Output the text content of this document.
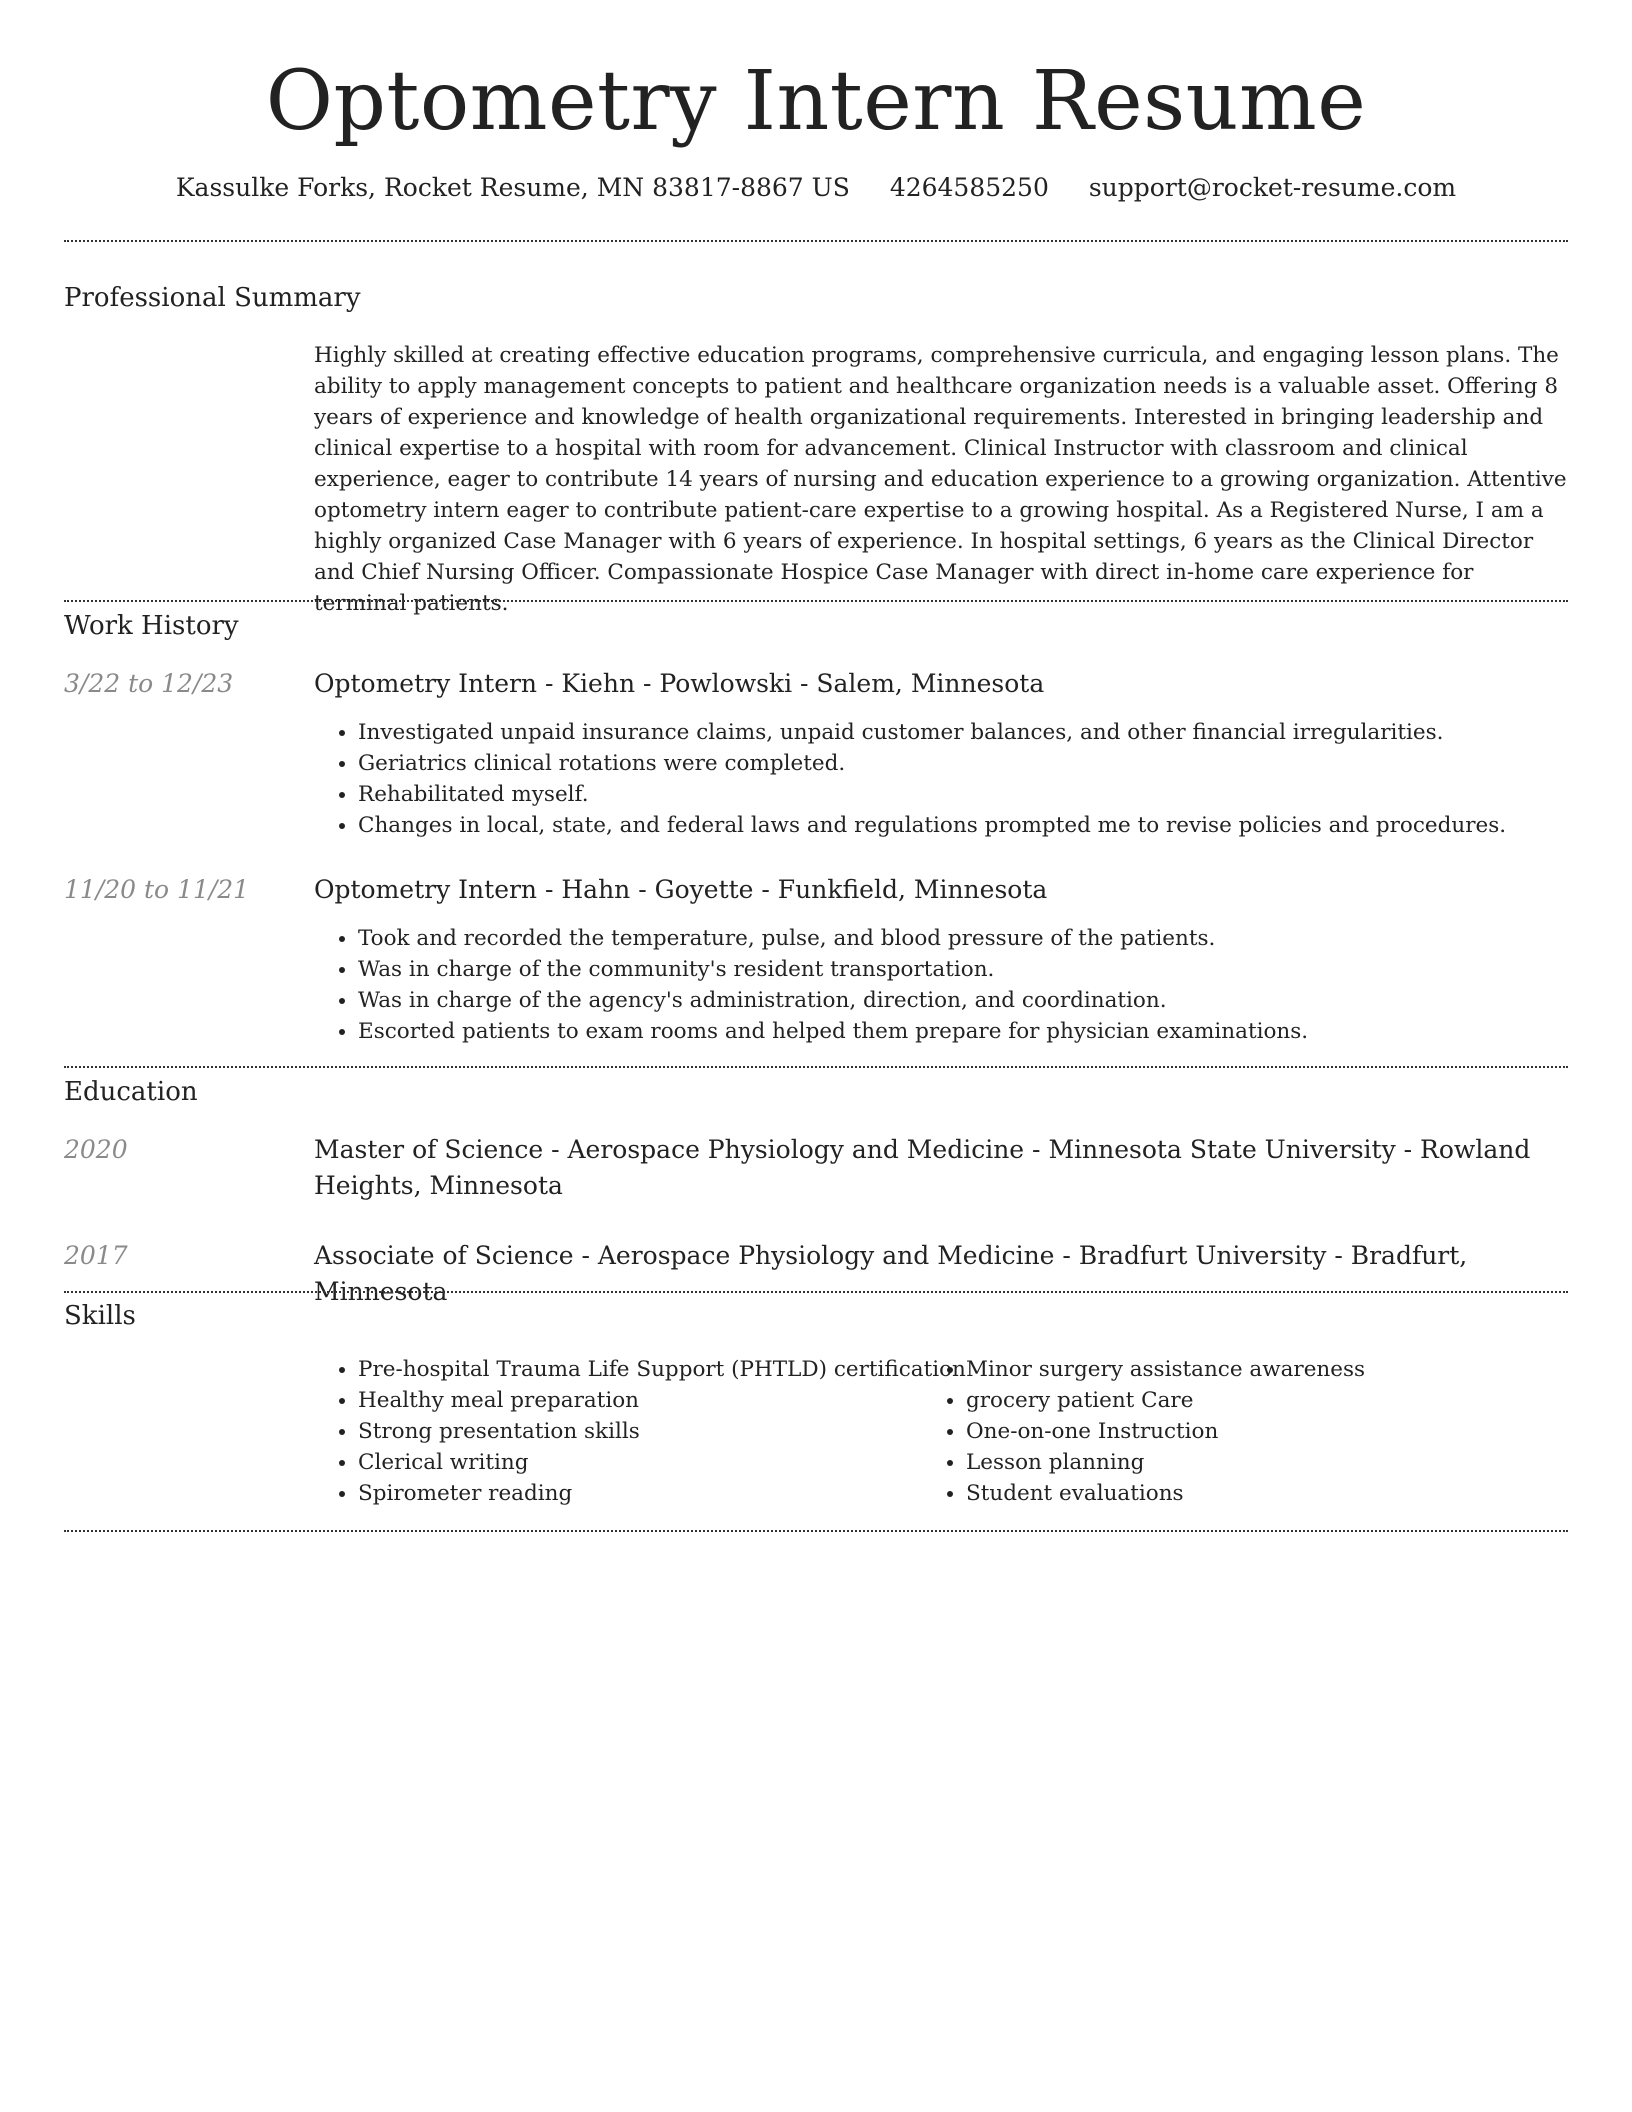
Optometry Intern Resume
Kassulke Forks, Rocket Resume, MN 83817-8867 US 4264585250 support@rocket-resume.com
Professional Summary
Highly skilled at creating effective education programs, comprehensive curricula, and engaging lesson plans. The ability to apply management concepts to patient and healthcare organization needs is a valuable asset. Offering 8 years of experience and knowledge of health organizational requirements. Interested in bringing leadership and clinical expertise to a hospital with room for advancement. Clinical Instructor with classroom and clinical experience, eager to contribute 14 years of nursing and education experience to a growing organization. Attentive optometry intern eager to contribute patient-care expertise to a growing hospital. As a Registered Nurse, I am a highly organized Case Manager with 6 years of experience. In hospital settings, 6 years as the Clinical Director and Chief Nursing Officer. Compassionate Hospice Case Manager with direct in-home care experience for terminal patients.
Work History
3/22 to 12/23	Optometry Intern - Kiehn - Powlowski - Salem, Minnesota
• Investigated unpaid insurance claims, unpaid customer balances, and other financial irregularities.
• Geriatrics clinical rotations were completed.
• Rehabilitated myself.
• Changes in local, state, and federal laws and regulations prompted me to revise policies and procedures.
11/20 to 11/21	Optometry Intern - Hahn - Goyette - Funkfield, Minnesota
• Took and recorded the temperature, pulse, and blood pressure of the patients.
• Was in charge of the community's resident transportation.
• Was in charge of the agency's administration, direction, and coordination.
• Escorted patients to exam rooms and helped them prepare for physician examinations.
Education
2020	Master of Science - Aerospace Physiology and Medicine - Minnesota State University - Rowland Heights, Minnesota
2017	Associate of Science - Aerospace Physiology and Medicine - Bradfurt University - Bradfurt, Minnesota
Skills
• Pre-hospital Trauma Life Support (PHTLD) certification
• Healthy meal preparation
• Strong presentation skills
• Clerical writing
• Spirometer reading
• Minor surgery assistance awareness
• grocery patient Care
• One-on-one Instruction
• Lesson planning
• Student evaluations
